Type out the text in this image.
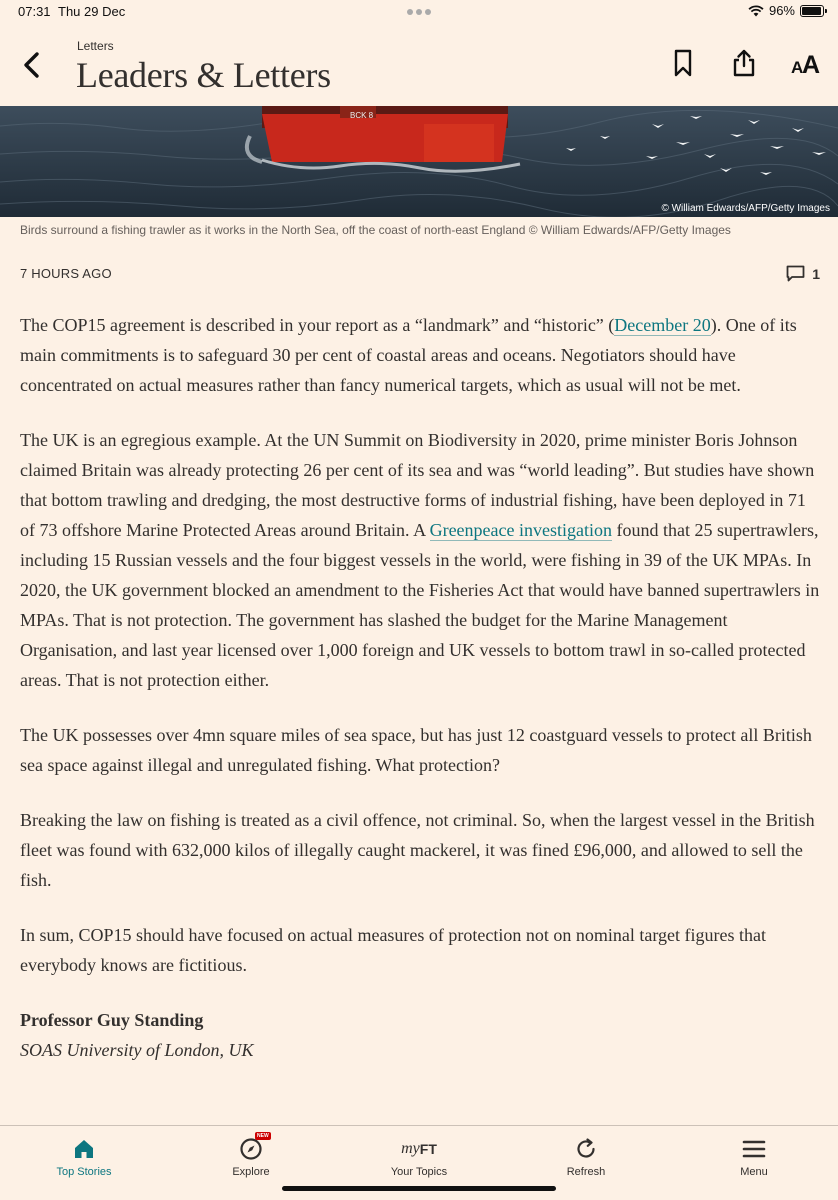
07:31 Thu 29 Dec	96%
Letters
Leaders & Letters	A
A
BCK 8
© William Edwards/AFP/Getty Images
Birds surround a fishing trawler as it works in the North Sea, off the coast of north-east England © William Edwards/AFP/Getty Images
7 HOURS AGO	1

The COP15 agreement is described in your report as a “landmark” and “historic” (December 20). One of its main commitments is to safeguard 30 per cent of coastal areas and oceans. Negotiators should have concentrated on actual measures rather than fancy numerical targets, which as usual will not be met.

The UK is an egregious example. At the UN Summit on Biodiversity in 2020, prime minister Boris Johnson claimed Britain was already protecting 26 per cent of its sea and was “world leading”. But studies have shown that bottom trawling and dredging, the most destructive forms of industrial fishing, have been deployed in 71 of 73 offshore Marine Protected Areas around Britain. A Greenpeace investigation found that 25 supertrawlers, including 15 Russian vessels and the four biggest vessels in the world, were fishing in 39 of the UK MPAs. In 2020, the UK government blocked an amendment to the Fisheries Act that would have banned supertrawlers in MPAs. That is not protection. The government has slashed the budget for the Marine Management Organisation, and last year licensed over 1,000 foreign and UK vessels to bottom trawl in so-called protected areas. That is not protection either.

The UK possesses over 4mn square miles of sea space, but has just 12 coastguard vessels to protect all British sea space against illegal and unregulated fishing. What protection?

Breaking the law on fishing is treated as a civil offence, not criminal. So, when the largest vessel in the British fleet was found with 632,000 kilos of illegally caught mackerel, it was fined £96,000, and allowed to sell the fish.

In sum, COP15 should have focused on actual measures of protection not on nominal target figures that everybody knows are fictitious.

Professor Guy Standing

SOAS University of London, UK

Top Stories
NEW
Explore
my FT
Your Topics	Refresh	Menu
